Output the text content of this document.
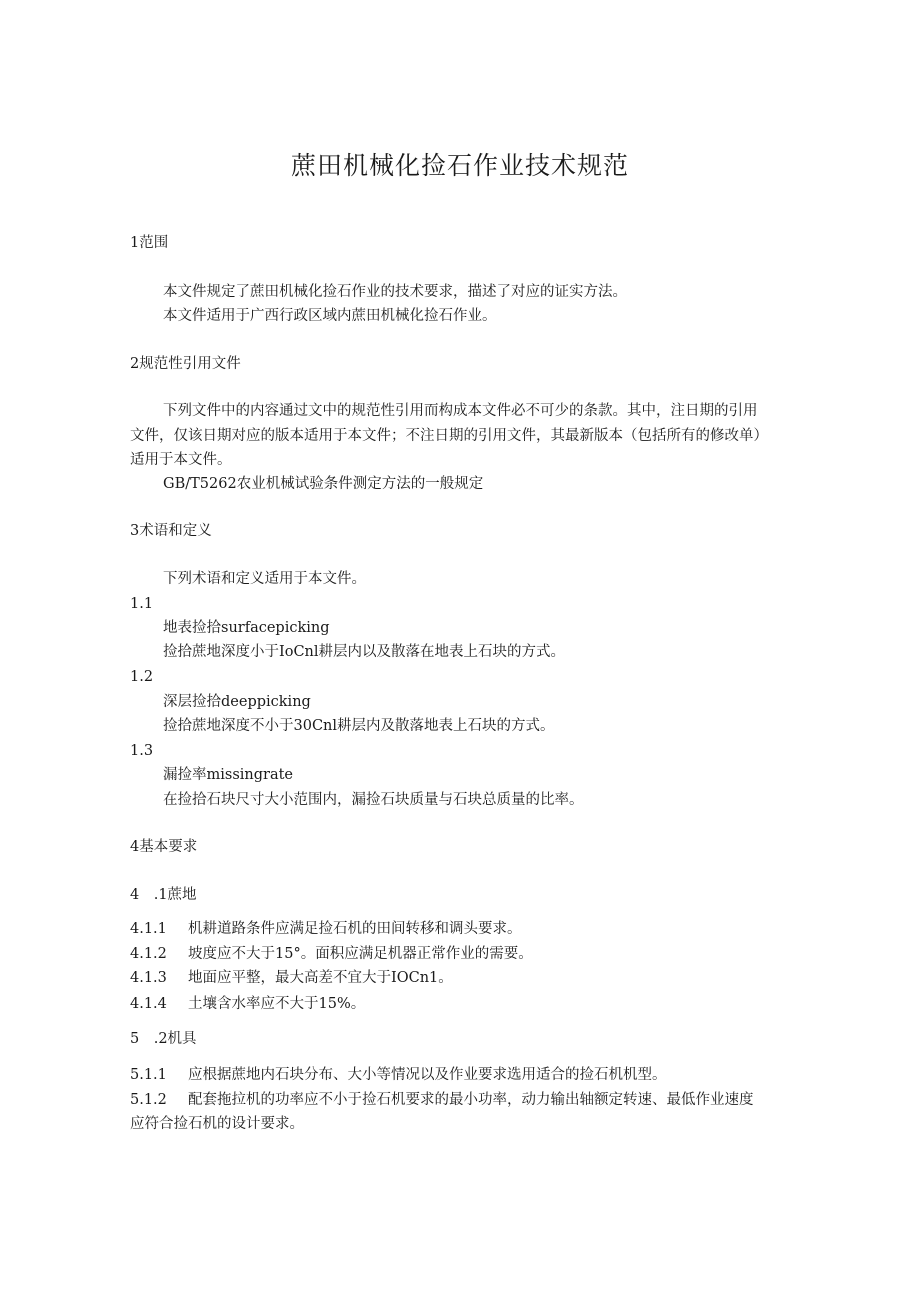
蔗田机械化捡石作业技术规范
1范围
本文件规定了蔗田机械化捡石作业的技术要求，描述了对应的证实方法。
本文件适用于广西行政区域内蔗田机械化捡石作业。
2规范性引用文件
下列文件中的内容通过文中的规范性引用而构成本文件必不可少的条款。其中，注日期的引用
文件，仅该日期对应的版本适用于本文件；不注日期的引用文件，其最新版本（包括所有的修改单）
适用于本文件。
GB/T5262农业机械试验条件测定方法的一般规定
3术语和定义
下列术语和定义适用于本文件。
1.1
地表捡拾surfacepicking
捡拾蔗地深度小于IoCnl耕层内以及散落在地表上石块的方式。
1.2
深层捡拾deeppicking
捡拾蔗地深度不小于30Cnl耕层内及散落地表上石块的方式。
1.3
漏捡率missingrate
在捡拾石块尺寸大小范围内，漏捡石块质量与石块总质量的比率。
4基本要求
4　.1蔗地
4.1.1 机耕道路条件应满足捡石机的田间转移和调头要求。
4.1.2 坡度应不大于15°。面积应满足机器正常作业的需要。
4.1.3 地面应平整，最大高差不宜大于IOCn1。
4.1.4 土壤含水率应不大于15%。
5　.2机具
5.1.1 应根据蔗地内石块分布、大小等情况以及作业要求选用适合的捡石机机型。
5.1.2 配套拖拉机的功率应不小于捡石机要求的最小功率，动力输出轴额定转速、最低作业速度
应符合捡石机的设计要求。
